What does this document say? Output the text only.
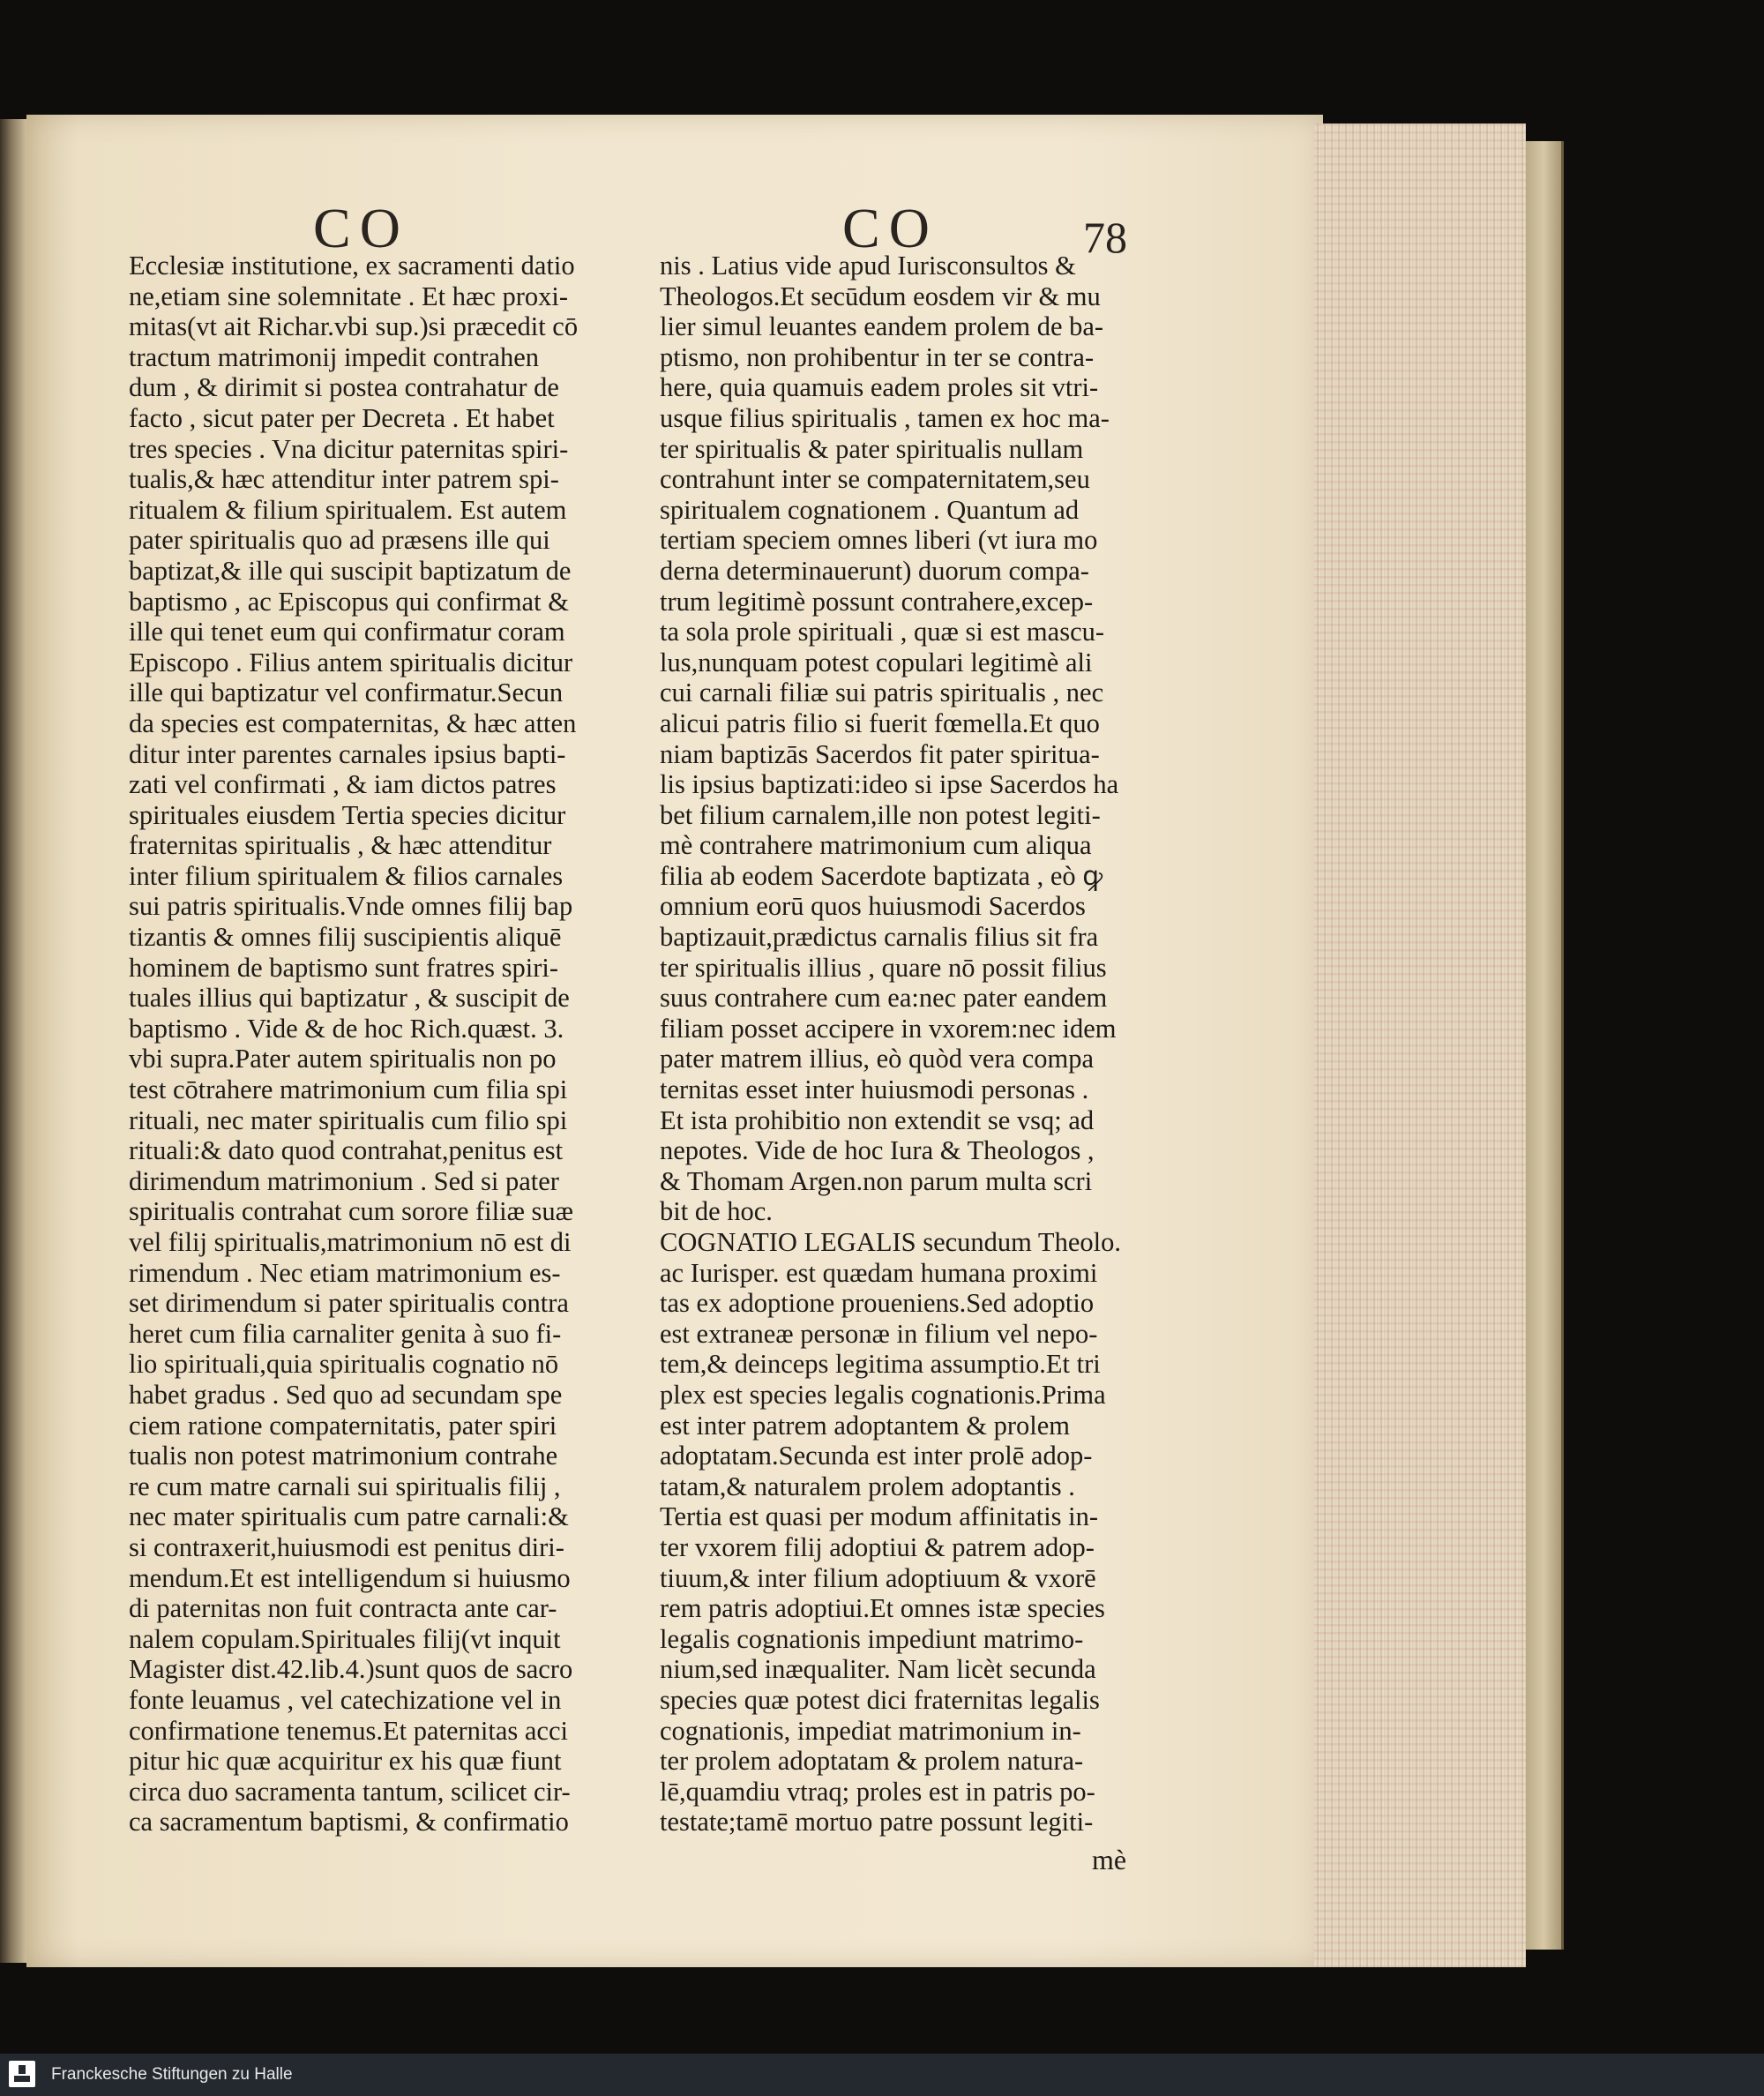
CO	CO	78
Ecclesiæ institutione, ex sacramenti datio
ne,etiam sine solemnitate . Et hæc proxi-
mitas(vt ait Richar.vbi sup.)si præcedit cō
tractum matrimonij impedit contrahen
dum , & dirimit si postea contrahatur de
facto , sicut pater per Decreta . Et habet
tres species . Vna dicitur paternitas spiri-
tualis,& hæc attenditur inter patrem spi-
ritualem & filium spiritualem. Est autem
pater spiritualis quo ad præsens ille qui
baptizat,& ille qui suscipit baptizatum de
baptismo , ac Episcopus qui confirmat &
ille qui tenet eum qui confirmatur coram
Episcopo . Filius antem spiritualis dicitur
ille qui baptizatur vel confirmatur.Secun
da species est compaternitas, & hæc atten
ditur inter parentes carnales ipsius bapti-
zati vel confirmati , & iam dictos patres
spirituales eiusdem Tertia species dicitur
fraternitas spiritualis , & hæc attenditur
inter filium spiritualem & filios carnales
sui patris spiritualis.Vnde omnes filij bap
tizantis & omnes filij suscipientis aliquē
hominem de baptismo sunt fratres spiri-
tuales illius qui baptizatur , & suscipit de
baptismo . Vide & de hoc Rich.quæst. 3.
vbi supra.Pater autem spiritualis non po
test cōtrahere matrimonium cum filia spi
rituali, nec mater spiritualis cum filio spi
rituali:& dato quod contrahat,penitus est
dirimendum matrimonium . Sed si pater
spiritualis contrahat cum sorore filiæ suæ
vel filij spiritualis,matrimonium nō est di
rimendum . Nec etiam matrimonium es-
set dirimendum si pater spiritualis contra
heret cum filia carnaliter genita à suo fi-
lio spirituali,quia spiritualis cognatio nō
habet gradus . Sed quo ad secundam spe
ciem ratione compaternitatis, pater spiri
tualis non potest matrimonium contrahe
re cum matre carnali sui spiritualis filij ,
nec mater spiritualis cum patre carnali:&
si contraxerit,huiusmodi est penitus diri-
mendum.Et est intelligendum si huiusmo
di paternitas non fuit contracta ante car-
nalem copulam.Spirituales filij(vt inquit
Magister dist.42.lib.4.)sunt quos de sacro
fonte leuamus , vel catechizatione vel in
confirmatione tenemus.Et paternitas acci
pitur hic quæ acquiritur ex his quæ fiunt
circa duo sacramenta tantum, scilicet cir-
ca sacramentum baptismi, & confirmatio
nis . Latius vide apud Iurisconsultos &
Theologos.Et secūdum eosdem vir & mu
lier simul leuantes eandem prolem de ba-
ptismo, non prohibentur in ter se contra-
here, quia quamuis eadem proles sit vtri-
usque filius spiritualis , tamen ex hoc ma-
ter spiritualis & pater spiritualis nullam
contrahunt inter se compaternitatem,seu
spiritualem cognationem . Quantum ad
tertiam speciem omnes liberi (vt iura mo
derna determinauerunt) duorum compa-
trum legitimè possunt contrahere,excep-
ta sola prole spirituali , quæ si est mascu-
lus,nunquam potest copulari legitimè ali
cui carnali filiæ sui patris spiritualis , nec
alicui patris filio si fuerit fœmella.Et quo
niam baptizās Sacerdos fit pater spiritua-
lis ipsius baptizati:ideo si ipse Sacerdos ha
bet filium carnalem,ille non potest legiti-
mè contrahere matrimonium cum aliqua
filia ab eodem Sacerdote baptizata , eò ꝙ
omnium eorū quos huiusmodi Sacerdos
baptizauit,prædictus carnalis filius sit fra
ter spiritualis illius , quare nō possit filius
suus contrahere cum ea:nec pater eandem
filiam posset accipere in vxorem:nec idem
pater matrem illius, eò quòd vera compa
ternitas esset inter huiusmodi personas .
Et ista prohibitio non extendit se vsq; ad
nepotes. Vide de hoc Iura & Theologos ,
& Thomam Argen.non parum multa scri
bit de hoc.
COGNATIO LEGALIS secundum Theolo.
ac Iurisper. est quædam humana proximi
tas ex adoptione proueniens.Sed adoptio
est extraneæ personæ in filium vel nepo-
tem,& deinceps legitima assumptio.Et tri
plex est species legalis cognationis.Prima
est inter patrem adoptantem & prolem
adoptatam.Secunda est inter prolē adop-
tatam,& naturalem prolem adoptantis .
Tertia est quasi per modum affinitatis in-
ter vxorem filij adoptiui & patrem adop-
tiuum,& inter filium adoptiuum & vxorē
rem patris adoptiui.Et omnes istæ species
legalis cognationis impediunt matrimo-
nium,sed inæqualiter. Nam licèt secunda
species quæ potest dici fraternitas legalis
cognationis, impediat matrimonium in-
ter prolem adoptatam & prolem natura-
lē,quamdiu vtraq; proles est in patris po-
testate;tamē mortuo patre possunt legiti-
mè
Franckesche Stiftungen zu Halle
